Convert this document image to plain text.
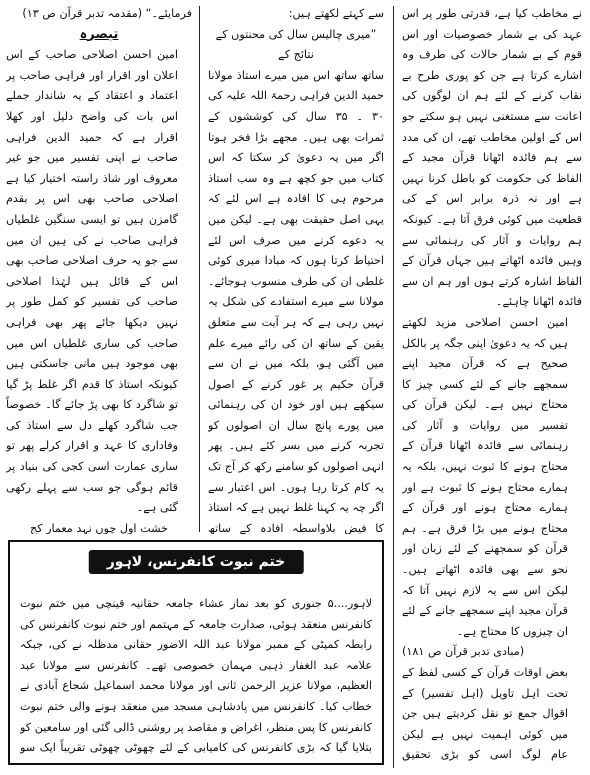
نے مخاطب کیا ہے، قدرتی طور پر اس عہد کی بے شمار خصوصیات اور اس قوم کے بے شمار حالات کی طرف وہ اشارے کرتا ہے جن کو پوری طرح بے نقاب کرنے کے لئے ہم ان لوگوں کی اعانت سے مستغنی نہیں ہو سکتے جو اس کے اولین مخاطب تھے، ان کی مدد سے ہم فائدہ اٹھانا قرآن مجید کے الفاظ کی حکومت کو باطل کرنا نہیں ہے اور نہ ذرہ برابر اس کے کی قطعیت میں کوئی فرق آتا ہے۔ کیونکہ ہم روایات و آثار کی رہنمائی سے وہیں فائدہ اٹھاتے ہیں جہاں قرآن کے الفاظ اشارہ کرتے ہوں اور ہم ان سے فائدہ اٹھانا چاہئے۔

امین احسن اصلاحی مزید لکھتے ہیں کہ یہ دعویٰ اپنی جگہ پر بالکل صحیح ہے کہ قرآن مجید اپنے سمجھے جانے کے لئے کسی چیز کا محتاج نہیں ہے۔ لیکن قرآن کی تفسیر میں روایات و آثار کی رہنمائی سے فائدہ اٹھانا قرآن کے محتاج ہونے کا ثبوت نہیں، بلکہ یہ ہمارے محتاج ہونے کا ثبوت ہے اور ہمارے محتاج ہونے اور قرآن کے محتاج ہونے میں بڑا فرق ہے۔ ہم قرآن کو سمجھنے کے لئے زبان اور نحو سے بھی فائدہ اٹھاتے ہیں۔ لیکن اس سے یہ لازم نہیں آتا کہ قرآن مجید اپنے سمجھے جانے کے لئے ان چیزوں کا محتاج ہے۔

(مبادی تدبر قرآن ص ۱۸۱)

بعض اوقات قرآن کے کسی لفظ کے تحت اہل تاویل (اہل تفسیر) کے اقوال جمع تو نقل کردیتے ہیں جن میں کوئی اہمیت نہیں ہے لیکن عام لوگ اسی کو بڑی تحقیق

سے کہتے لکھتے ہیں:

”میری چالیس سال کی محنتوں کے نتائج کے

ساتھ ساتھ اس میں میرے استاذ مولانا حمید الدین فراہی رحمۃ اللہ علیہ کی ۳۰ ۔ ۳۵ سال کی کوششوں کے ثمرات بھی ہیں۔ مجھے بڑا فخر ہوتا اگر میں یہ دعویٰ کر سکتا کہ اس کتاب میں جو کچھ ہے وہ سب استاذ مرحوم ہی کا افادہ ہے اس لئے کہ یہی اصل حقیقت بھی ہے۔ لیکن میں یہ دعوے کرنے میں صرف اس لئے احتیاط کرتا ہوں کہ مبادا میری کوئی غلطی ان کی طرف منسوب ہوجائے۔ مولانا سے میرے استفادے کی شکل یہ نہیں رہی ہے کہ ہر آیت سے متعلق یقین کے ساتھ ان کی رائے میرے علم میں آگئی ہو، بلکہ میں نے ان سے قرآن حکیم پر غور کرنے کے اصول سیکھے ہیں اور خود ان کی رہنمائی میں پورے پانچ سال ان اصولوں کو تجربہ کرنے میں بسر کئے ہیں۔ پھر انہی اصولوں کو سامنے رکھ کر آج تک یہ کام کرتا رہا ہوں۔ اس اعتبار سے اگر چہ یہ کہنا غلط نہیں ہے کہ استاذ کا فیض بلاواسطہ افادہ کے ساتھ

فرمایئے۔“ (مقدمہ تدبر قرآن ص ۱۳)

تبصرہ

امین احسن اصلاحی صاحب کے اس اعلان اور اقرار اور فراہی صاحب پر اعتماد و اعتقاد کے یہ شاندار جملے اس بات کی واضح دلیل اور کھلا اقرار ہے کہ حمید الدین فراہی صاحب نے اپنی تفسیر میں جو غیر معروف اور شاذ راستہ اختیار کیا ہے اصلاحی صاحب بھی اس پر بقدم گامزن ہیں تو ایسی سنگین غلطیاں فراہی صاحب نے کی ہیں ان میں سے جو یہ حرف اصلاحی صاحب بھی اس کے قائل ہیں لہٰذا اصلاحی صاحب کی تفسیر کو کمل طور پر نہیں دیکھا جائے پھر بھی فراہی صاحب کی ساری غلطیاں اس میں بھی موجود ہیں مانی جاسکتی ہیں کیونکہ استاذ کا قدم اگر غلط پڑ گیا تو شاگرد کا بھی پڑ جائے گا۔ خصوصاً جب شاگرد کھلے دل سے استاذ کی وفاداری کا عہد و اقرار کرلے پھر تو ساری عمارت اسی کجی کی بنیاد پر قائم ہوگی جو سب سے پہلے رکھی گئی ہے۔

خشت اول چوں نہد معمار کج

ختم نبوت کانفرنس، لاہور

لاہور....۵ جنوری کو بعد نماز عشاء جامعہ حقانیہ قینچی میں ختم نبوت کانفرنس منعقد ہوئی، صدارت جامعہ کے مہتمم اور ختم نبوت کانفرنس کی رابطہ کمیٹی کے ممبر مولانا عبد اللہ الاضور حقانی مدظلہ نے کی، جبکہ علامہ عبد الغفار ذہبی مہمان خصوصی تھے۔ کانفرنس سے مولانا عبد العظیم، مولانا عزیز الرحمن ثانی اور مولانا محمد اسماعیل شجاع آبادی نے خطاب کیا۔ کانفرنس میں پادشاہی مسجد میں منعقد ہونے والی ختم نبوت کانفرنس کا پس منظر، اغراض و مقاصد پر روشنی ڈالی گئی اور سامعین کو بتلایا گیا کہ بڑی کانفرنس کی کامیابی کے لئے چھوٹی چھوٹی تقریباً ایک سو
